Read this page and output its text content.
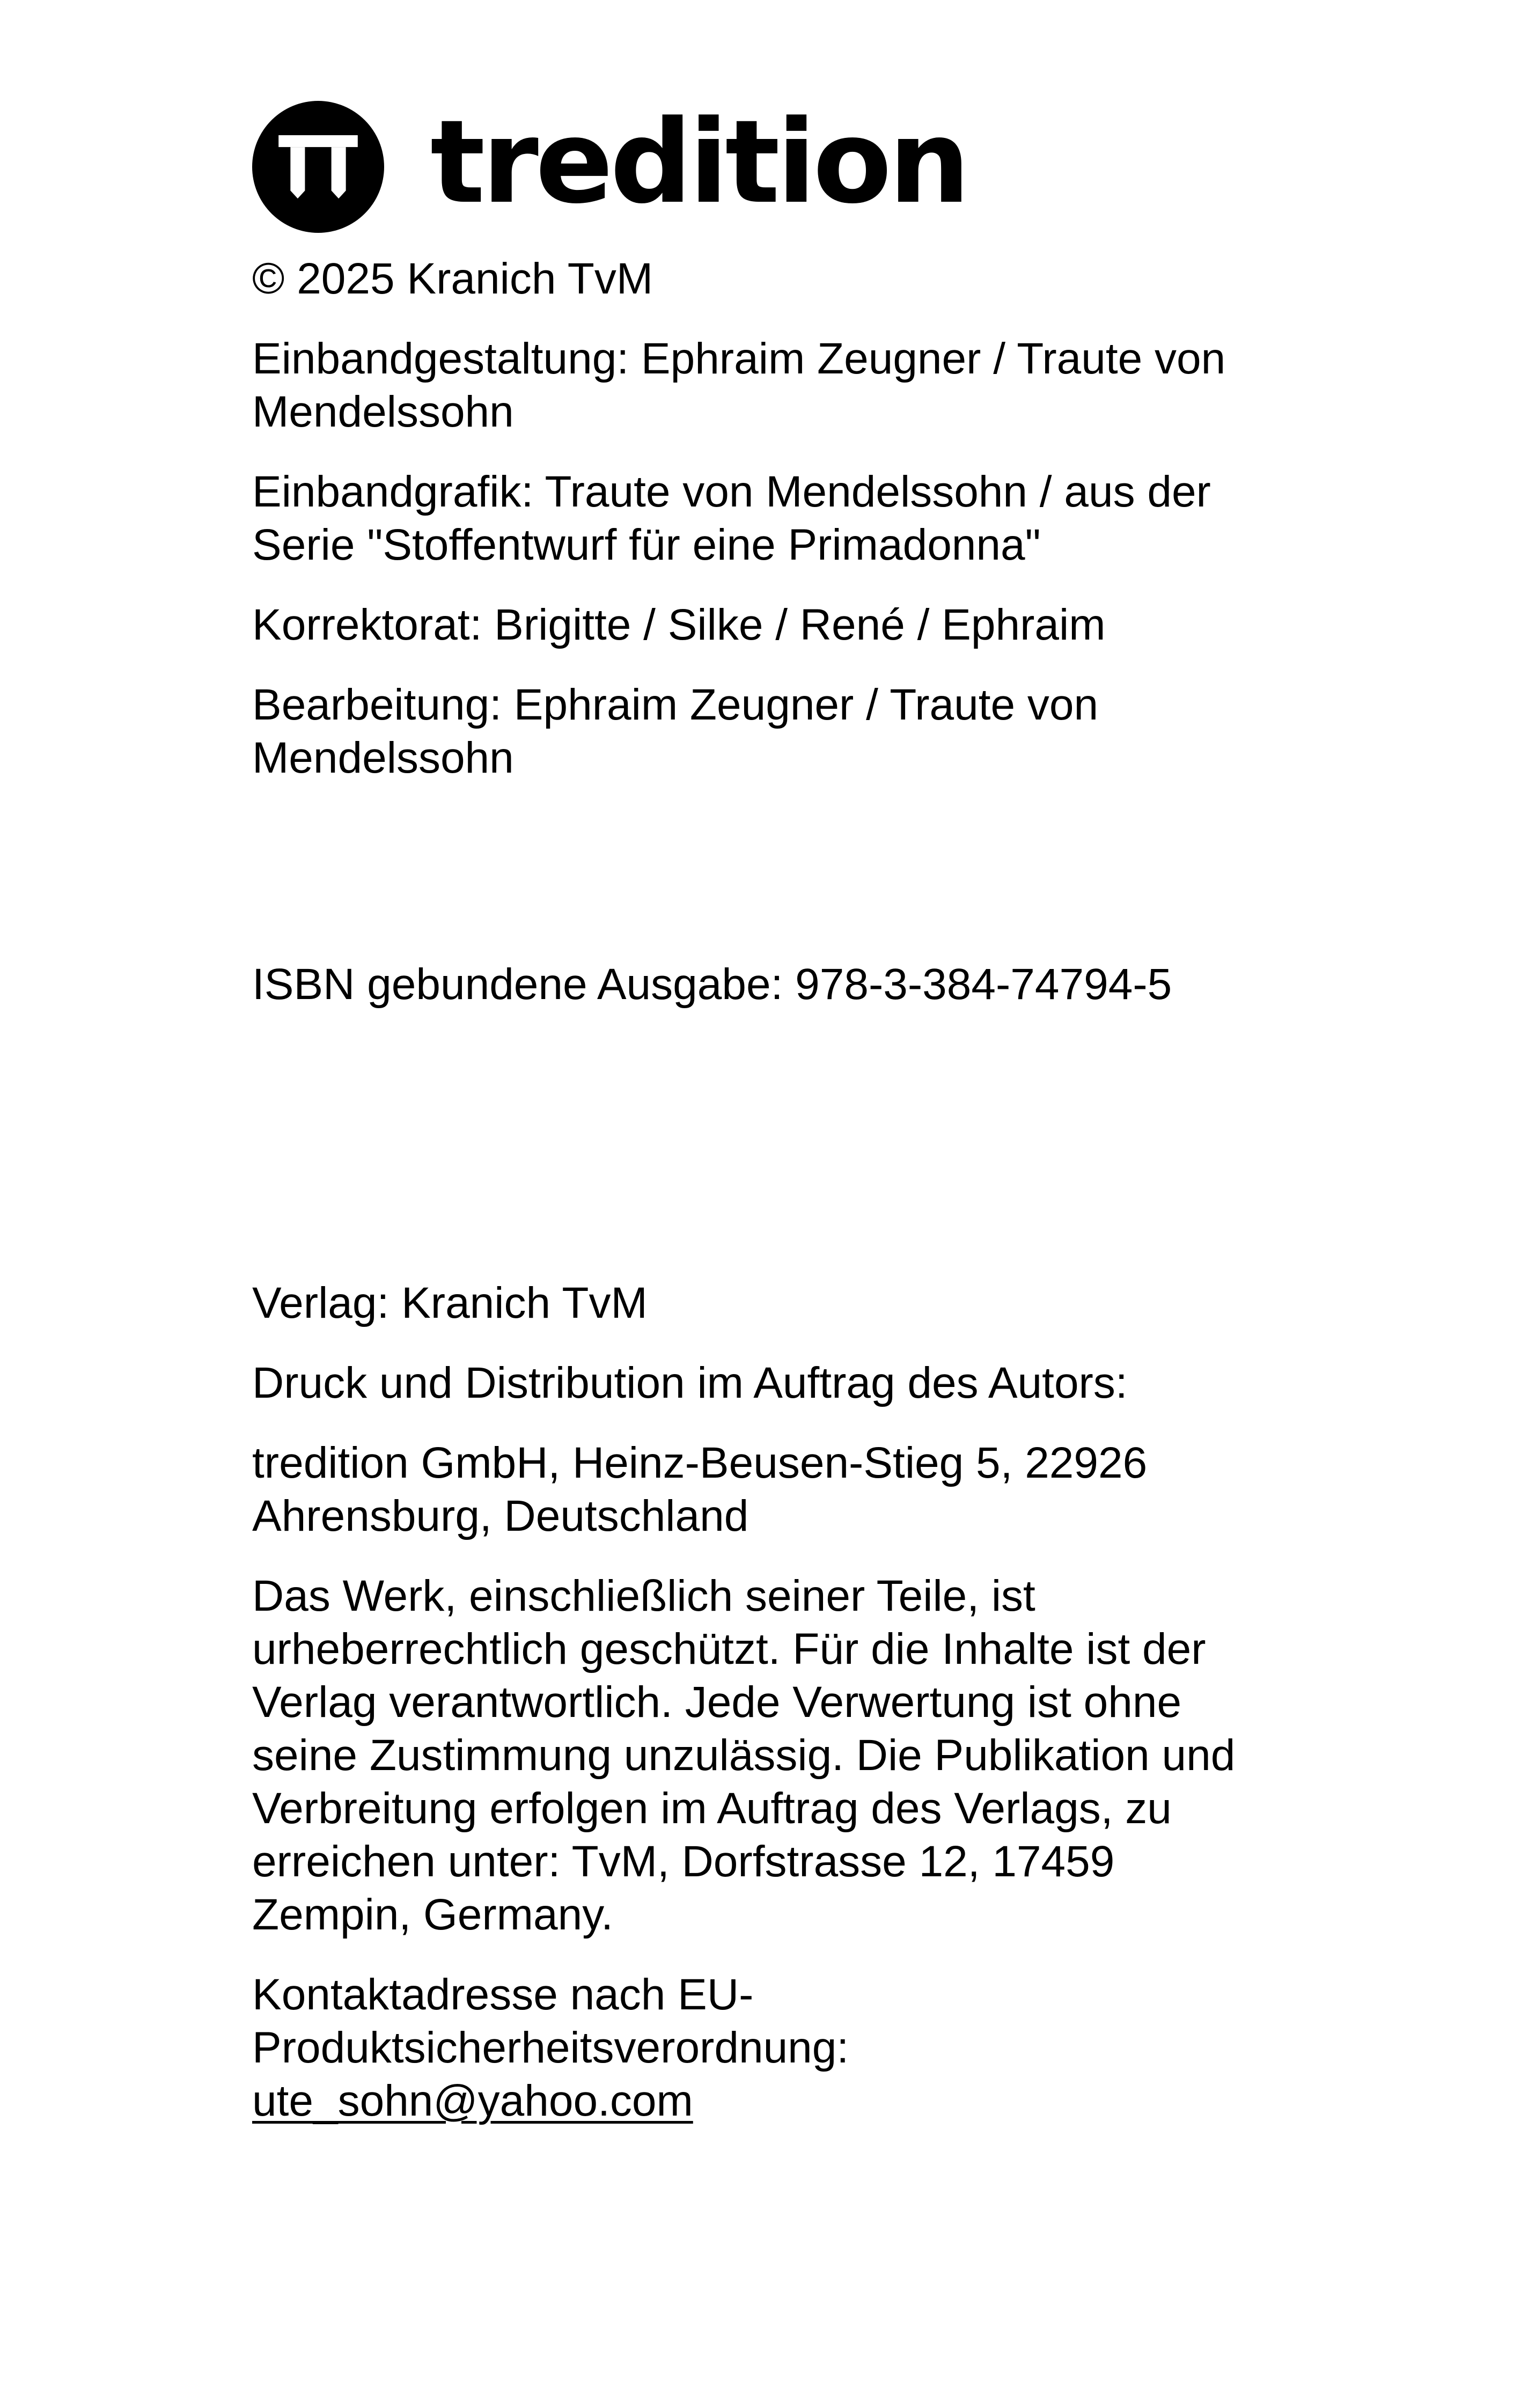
tredition

© 2025 Kranich TvM

Einbandgestaltung: Ephraim Zeugner / Traute von
Mendelssohn

Einbandgrafik: Traute von Mendelssohn / aus der
Serie "Stoffentwurf für eine Primadonna"

Korrektorat: Brigitte / Silke / René / Ephraim

Bearbeitung: Ephraim Zeugner / Traute von
Mendelssohn

ISBN gebundene Ausgabe: 978-3-384-74794-5

Verlag: Kranich TvM

Druck und Distribution im Auftrag des Autors:

tredition GmbH, Heinz-Beusen-Stieg 5, 22926
Ahrensburg, Deutschland

Das Werk, einschließlich seiner Teile, ist
urheberrechtlich geschützt. Für die Inhalte ist der
Verlag verantwortlich. Jede Verwertung ist ohne
seine Zustimmung unzulässig. Die Publikation und
Verbreitung erfolgen im Auftrag des Verlags, zu
erreichen unter: TvM, Dorfstrasse 12, 17459
Zempin, Germany.

Kontaktadresse nach EU-
Produktsicherheitsverordnung:
ute_sohn@yahoo.com
